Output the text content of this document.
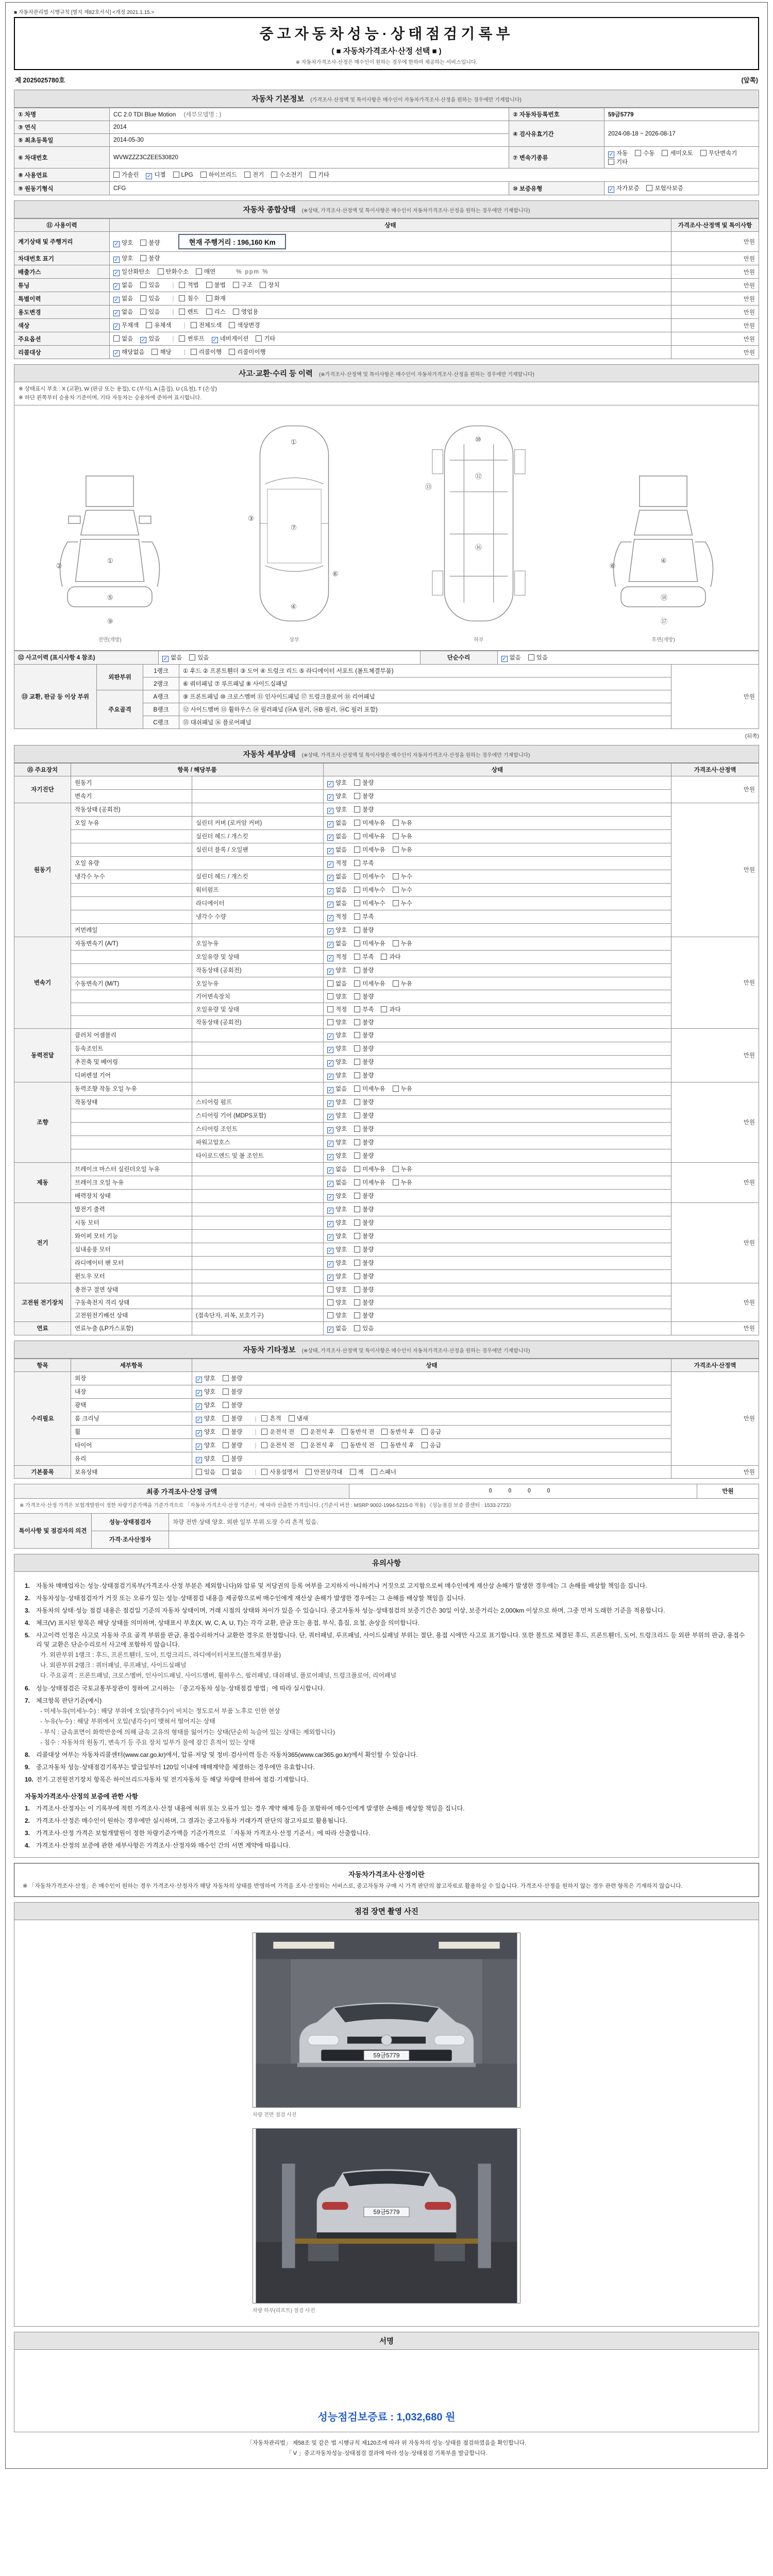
■ 자동차관리법 시행규칙 [별지 제82호서식] <개정 2021.1.15.>
중고자동차성능·상태점검기록부
( ■ 자동차가격조사·산정 선택 ■ )
※ 자동차가격조사·산정은 매수인이 원하는 경우에 한하여 제공하는 서비스입니다.
제 2025025780호	(앞쪽)
자동차 기본정보 (가격조사·산정액 및 특이사항은 매수인이 자동차가격조사·산정을 원하는 경우에만 기재합니다)
① 차명	CC 2.0 TDI Blue Motion (세부모델명 : )	② 자동차등록번호	59금5779
③ 연식	2014	④ 검사유효기간	2024-08-18 ~ 2026-08-17
⑤ 최초등록일	2014-05-30		
⑥ 차대번호	WVWZZZ3CZEE530820	⑦ 변속기종류	✓ 자동 수동 세미오토 무단변속기기타
⑧ 사용연료	가솔린 ✓ 디젤 LPG 하이브리드 전기 수소전기 기타		
⑨ 원동기형식	CFG	⑩ 보증유형	✓ 자가보증 보험사보증
자동차 종합상태 (※상태, 가격조사·산정액 및 특이사항은 매수인이 자동차가격조사·산정을 원하는 경우에만 기재합니다)
⑪ 사용이력	상태	가격조사·산정액 및 특이사항
계기상태 및 주행거리	✓ 양호 불량 현재 주행거리 : 196,160 Km	만원
차대번호 표기	✓ 양호 불량	만원
배출가스	✓ 일산화탄소 탄화수소 매연 % ppm %	만원
튜닝	✓ 없음 있음 | 적법 불법 구조 장치	만원
특별이력	✓ 없음 있음 | 침수 화재	만원
용도변경	✓ 없음 있음 | 렌트 리스 영업용	만원
색상	✓ 무채색 유채색 | 전체도색 색상변경	만원
주요옵션	없음 ✓ 있음 | 썬루프 ✓ 네비게이션 기타	만원
리콜대상	✓ 해당없음 해당 | 리콜이행 리콜미이행	만원
사고·교환·수리 등 이력 (※가격조사·산정액 및 특이사항은 매수인이 자동차가격조사·산정을 원하는 경우에만 기재합니다)
※ 상태표시 부호 : X (교환), W (판금 또는 용접), C (부식), A (흠집), U (요철), T (손상)
※ 하단 왼쪽부터 승용차 기준이며, 기타 자동차는 승용차에 준하여 표시합니다.
①
②
⑤
⑨
전면(개방)
③
⑦
⑥
④
①
상부
⑫
⑯
⑬
⑩
하부
④
⑱
⑰
⑥
후면(개방)
⑫ 사고이력 (표시사항 4 참조)	✓ 없음	있음	단순수리	✓ 없음	있음
⑬ 교환, 판금 등 이상 부위	외판부위	1랭크	① 후드 ② 프론트휀더 ③ 도어 ④ 트렁크 리드 ⑤ 라디에이터 서포트 (볼트체결부품)	만원
		2랭크	⑥ 쿼터패널 ⑦ 루프패널 ⑧ 사이드실패널	
	주요골격	A랭크	⑨ 프론트패널 ⑩ 크로스멤버 ⑪ 인사이드패널 ⑰ 트렁크플로어 ⑱ 리어패널	
		B랭크	⑫ 사이드멤버 ⑬ 휠하우스 ⑭ 필러패널 (⑭A 필러, ⑭B 필러, ⑭C 필러 포함)	
		C랭크	⑮ 대쉬패널 ⑯ 플로어패널	
(뒤쪽)
자동차 세부상태 (※상태, 가격조사·산정액 및 특이사항은 매수인이 자동차가격조사·산정을 원하는 경우에만 기재합니다)
⑮ 주요장치	항목 / 해당부품		상태	가격조사·산정액
자기진단	원동기		✓ 양호 불량	만원
	변속기		✓ 양호 불량	
원동기	작동상태 (공회전)		✓ 양호 불량	만원
	오일 누유	실린더 커버 (로커암 커버)	✓ 없음 미세누유 누유	
		실린더 헤드 / 개스킷	✓ 없음 미세누유 누유	
		실린더 블록 / 오일팬	✓ 없음 미세누유 누유	
	오일 유량		✓ 적정 부족	
	냉각수 누수	실린더 헤드 / 개스킷	✓ 없음 미세누수 누수	
		워터펌프	✓ 없음 미세누수 누수	
		라디에이터	✓ 없음 미세누수 누수	
		냉각수 수량	✓ 적정 부족	
	커먼레일		✓ 양호 불량	
변속기	자동변속기 (A/T)	오일누유	✓ 없음 미세누유 누유	만원
		오일유량 및 상태	✓ 적정 부족 과다	
		작동상태 (공회전)	✓ 양호 불량	
	수동변속기 (M/T)	오일누유	없음 미세누유 누유	
		기어변속장치	양호 불량	
		오일유량 및 상태	적정 부족 과다	
		작동상태 (공회전)	양호 불량	
동력전달	클러치 어셈블리		✓ 양호 불량	만원
	등속조인트		✓ 양호 불량	
	추진축 및 베어링		✓ 양호 불량	
	디퍼렌셜 기어		✓ 양호 불량	
조향	동력조향 작동 오일 누유		✓ 없음 미세누유 누유	만원
	작동상태	스티어링 펌프	✓ 양호 불량	
		스티어링 기어 (MDPS포함)	✓ 양호 불량	
		스티어링 조인트	✓ 양호 불량	
		파워고압호스	✓ 양호 불량	
		타이로드엔드 및 볼 조인트	✓ 양호 불량	
제동	브레이크 마스터 실린더오일 누유		✓ 없음 미세누유 누유	만원
	브레이크 오일 누유		✓ 없음 미세누유 누유	
	배력장치 상태		✓ 양호 불량	
전기	발전기 출력		✓ 양호 불량	만원
	시동 모터		✓ 양호 불량	
	와이퍼 모터 기능		✓ 양호 불량	
	실내송풍 모터		✓ 양호 불량	
	라디에이터 팬 모터		✓ 양호 불량	
	윈도우 모터		✓ 양호 불량	
고전원 전기장치	충전구 절연 상태		양호 불량	만원
	구동축전지 격리 상태		양호 불량	
	고전원전기배선 상태	(접속단자, 피복, 보호기구)	양호 불량	
연료	연료누출 (LP가스포함)		✓ 없음 있음	만원
자동차 기타정보 (※상태, 가격조사·산정액 및 특이사항은 매수인이 자동차가격조사·산정을 원하는 경우에만 기재합니다)
항목	세부항목	상태	가격조사·산정액
수리필요	외장	✓ 양호 불량	만원
	내장	✓ 양호 불량	
	광택	✓ 양호 불량	
	룸 크리닝	✓ 양호 불량 | 흔적 냄새	
	휠	✓ 양호 불량 | 운전석 전 운전석 후 동반석 전 동반석 후 응급	
	타이어	✓ 양호 불량 | 운전석 전 운전석 후 동반석 전 동반석 후 응급	
	유리	✓ 양호 불량	
기본품목	보유상태	있음 없음 | 사용설명서 안전삼각대 잭 스패너	만원
최종 가격조사·산정 금액	0 0 0 0	만원
※ 가격조사·산정 가격은 보험개발원이 정한 차량기준가액을 기준가격으로 「자동차 가격조사·산정 기준서」에 따라 산출한 가격입니다. (기준서 버전 : MSRP 9002-1994-5215-0 적용) 《성능점검 보증 콜센터 : 1533-2723》
특이사항 및 점검자의 의견	성능·상태점검자	차량 전반 상태 양호. 외판 일부 부위 도장 수리 흔적 있음.
	가격·조사산정자	
유의사항
1. 자동차 매매업자는 성능·상태점검기록부(가격조사·산정 부분은 제외합니다)와 압류 및 저당권의 등록 여부를 고지하지 아니하거나 거짓으로 고지함으로써 매수인에게 재산상 손해가 발생한 경우에는 그 손해를 배상할 책임을 집니다.
2. 자동차성능·상태점검자가 거짓 또는 오류가 있는 성능·상태점검 내용을 제공함으로써 매수인에게 재산상 손해가 발생한 경우에는 그 손해를 배상할 책임을 집니다.
3. 자동차의 상태·성능 점검 내용은 점검일 기준의 자동차 상태이며, 거래 시점의 상태와 차이가 있을 수 있습니다. 중고자동차 성능·상태점검의 보증기간은 30일 이상, 보증거리는 2,000km 이상으로 하며, 그중 먼저 도래한 기준을 적용합니다.
4. 체크(V) 표시된 항목은 해당 상태를 의미하며, 상태표시 부호(X, W, C, A, U, T)는 각각 교환, 판금 또는 용접, 부식, 흠집, 요철, 손상을 의미합니다.
5. 사고이력 인정은 사고로 자동차 주요 골격 부위를 판금, 용접수리하거나 교환한 경우로 한정합니다. 단, 쿼터패널, 루프패널, 사이드실패널 부위는 절단, 용접 시에만 사고로 표기합니다. 또한 볼트로 체결된 후드, 프론트휀더, 도어, 트렁크리드 등 외판 부위의 판금, 용접수리 및 교환은 단순수리로서 사고에 포함하지 않습니다.
가. 외판부위 1랭크 : 후드, 프론트휀더, 도어, 트렁크리드, 라디에이터서포트(볼트체결부품)
나. 외판부위 2랭크 : 쿼터패널, 루프패널, 사이드실패널
다. 주요골격 : 프론트패널, 크로스멤버, 인사이드패널, 사이드멤버, 휠하우스, 필러패널, 대쉬패널, 플로어패널, 트렁크플로어, 리어패널
6. 성능·상태점검은 국토교통부장관이 정하여 고시하는 「중고자동차 성능·상태점검 방법」에 따라 실시합니다.
7. 체크항목 판단기준(예시)
- 미세누유(미세누수) : 해당 부위에 오일(냉각수)이 비치는 정도로서 부품 노후로 인한 현상
- 누유(누수) : 해당 부위에서 오일(냉각수)이 맺혀서 떨어지는 상태
- 부식 : 금속표면이 화학반응에 의해 금속 고유의 형태를 잃어가는 상태(단순히 녹슬어 있는 상태는 제외합니다)
- 침수 : 자동차의 원동기, 변속기 등 주요 장치 일부가 물에 잠긴 흔적이 있는 상태
8. 리콜대상 여부는 자동차리콜센터(www.car.go.kr)에서, 압류·저당 및 정비·검사이력 등은 자동차365(www.car365.go.kr)에서 확인할 수 있습니다.
9. 중고자동차 성능·상태점검기록부는 발급일부터 120일 이내에 매매계약을 체결하는 경우에만 유효합니다.
10. 전기·고전원전기장치 항목은 하이브리드자동차 및 전기자동차 등 해당 차량에 한하여 점검·기재합니다.
자동차가격조사·산정의 보증에 관한 사항
1. 가격조사·산정자는 이 기록부에 적힌 가격조사·산정 내용에 허위 또는 오류가 있는 경우 계약 해제 등을 포함하여 매수인에게 발생한 손해를 배상할 책임을 집니다.
2. 가격조사·산정은 매수인이 원하는 경우에만 실시하며, 그 결과는 중고자동차 거래가격 판단의 참고자료로 활용됩니다.
3. 가격조사·산정 가격은 보험개발원이 정한 차량기준가액을 기준가격으로 「자동차 가격조사·산정 기준서」에 따라 산출합니다.
4. 가격조사·산정의 보증에 관한 세부사항은 가격조사·산정자와 매수인 간의 서면 계약에 따릅니다.
자동차가격조사·산정이란
※ 「자동차가격조사·산정」은 매수인이 원하는 경우 가격조사·산정자가 해당 자동차의 상태를 반영하여 가격을 조사·산정하는 서비스로, 중고자동차 구매 시 가격 판단의 참고자료로 활용하실 수 있습니다. 가격조사·산정을 원하지 않는 경우 관련 항목은 기재하지 않습니다.
점검 장면 촬영 사진
59금5779
차량 전면 점검 사진
59금5779
차량 하부(리프트) 점검 사진
서명
성능점검보증료 : 1,032,680 원
「자동차관리법」 제58조 및 같은 법 시행규칙 제120조에 따라 위 자동차의 성능·상태를 점검하였음을 확인합니다.
「 V 」중고자동차성능·상태점검 결과에 따라 성능·상태점검 기록부를 발급합니다.
